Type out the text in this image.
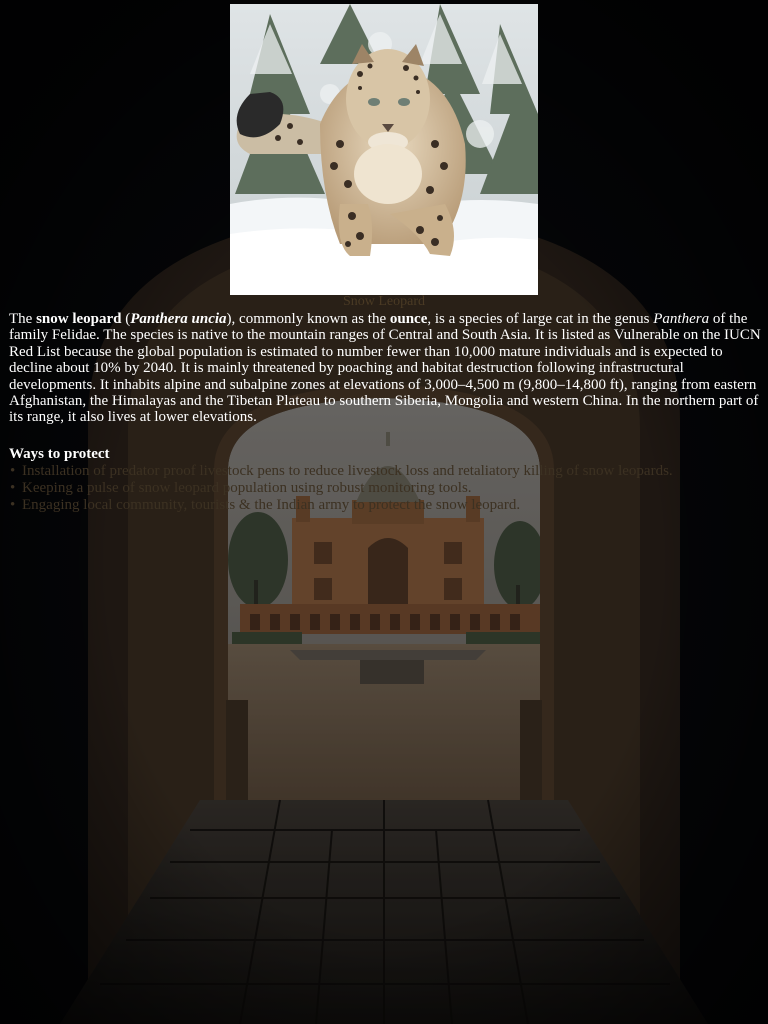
Snow Leopard

The snow leopard (Panthera uncia), commonly known as the ounce, is a species of large cat in the genus Panthera of the family Felidae. The species is native to the mountain ranges of Central and South Asia. It is listed as Vulnerable on the IUCN Red List because the global population is estimated to number fewer than 10,000 mature individuals and is expected to decline about 10% by 2040. It is mainly threatened by poaching and habitat destruction following infrastructural developments. It inhabits alpine and subalpine zones at elevations of 3,000–4,500 m (9,800–14,800 ft), ranging from eastern Afghanistan, the Himalayas and the Tibetan Plateau to southern Siberia, Mongolia and western China. In the northern part of its range, it also lives at lower elevations.

Ways to protect
• Installation of predator proof livestock pens to reduce livestock loss and retaliatory killing of snow leopards.
• Keeping a pulse of snow leopard population using robust monitoring tools.
• Engaging local community, tourists & the Indian army to protect the snow leopard.
